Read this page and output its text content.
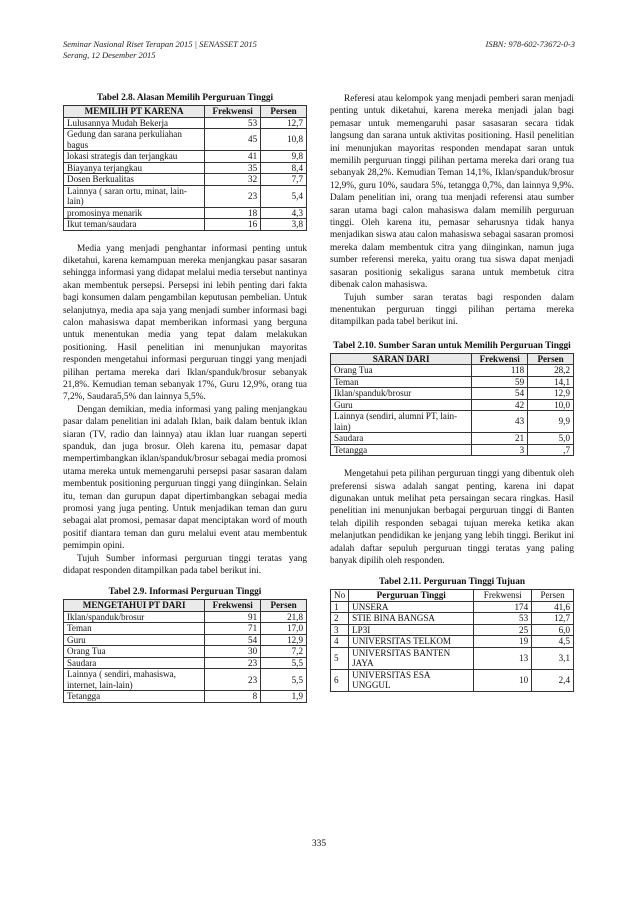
Seminar Nasional Riset Terapan 2015 | SENASSET 2015
Serang, 12 Desember 2015
ISBN: 978-602-73672-0-3
Tabel 2.8. Alasan Memilih Perguruan Tinggi
MEMILIH PT KARENA	Frekwensi	Persen
Lulusannya Mudah Bekerja	53	12,7
Gedung dan sarana perkuliahan bagus	45	10,8
lokasi strategis dan terjangkau	41	9,8
Biayanya terjangkau	35	8,4
Dosen Berkualitas	32	7,7
Lainnya ( saran ortu, minat, lain-lain)	23	5,4
promosinya menarik	18	4,3
Ikut teman/saudara	16	3,8

Media yang menjadi penghantar informasi penting untuk diketahui, karena kemampuan mereka menjangkau pasar sasaran sehingga informasi yang didapat melalui media tersebut nantinya akan membentuk persepsi. Persepsi ini lebih penting dari fakta bagi konsumen dalam pengambilan keputusan pembelian. Untuk selanjutnya, media apa saja yang menjadi sumber informasi bagi calon mahasiswa dapat memberikan informasi yang berguna untuk menentukan media yang tepat dalam melakukan positioning. Hasil penelitian ini menunjukan mayoritas responden mengetahui informasi perguruan tinggi yang menjadi pilihan pertama mereka dari Iklan/spanduk/brosur sebanyak 21,8%. Kemudian teman sebanyak 17%, Guru 12,9%, orang tua 7,2%, Saudara5,5% dan lainnya 5,5%.

Dengan demikian, media informasi yang paling menjangkau pasar dalam penelitian ini adalah Iklan, baik dalam bentuk iklan siaran (TV, radio dan lainnya) atau iklan luar ruangan seperti spanduk, dan juga brosur. Oleh karena itu, pemasar dapat mempertimbangkan iklan/spanduk/brosur sebagai media promosi utama mereka untuk memengaruhi persepsi pasar sasaran dalam membentuk positioning perguruan tinggi yang diinginkan. Selain itu, teman dan gurupun dapat dipertimbangkan sebagai media promosi yang juga penting. Untuk menjadikan teman dan guru sebagai alat promosi, pemasar dapat menciptakan word of mouth positif diantara teman dan guru melalui event atau membentuk pemimpin opini.

Tujuh Sumber informasi perguruan tinggi teratas yang didapat responden ditampilkan pada tabel berikut ini.

Tabel 2.9. Informasi Perguruan Tinggi
MENGETAHUI PT DARI	Frekwensi	Persen
Iklan/spanduk/brosur	91	21,8
Teman	71	17,0
Guru	54	12,9
Orang Tua	30	7,2
Saudara	23	5,5
Lainnya ( sendiri, mahasiswa, internet, lain-lain)	23	5,5
Tetangga	8	1,9

Referesi atau kelompok yang menjadi pemberi saran menjadi penting untuk diketahui, karena mereka menjadi jalan bagi pemasar untuk memengaruhi pasar sasasaran secara tidak langsung dan sarana untuk aktivitas positioning. Hasil penelitian ini menunjukan mayoritas responden mendapat saran untuk memilih perguruan tinggi pilihan pertama mereka dari orang tua sebanyak 28,2%. Kemudian Teman 14,1%, Iklan/spanduk/brosur 12,9%, guru 10%, saudara 5%, tetangga 0,7%, dan lainnya 9,9%. Dalam penelitian ini, orang tua menjadi referensi atau sumber saran utama bagi calon mahasiswa dalam memilih perguruan tinggi. Oleh karena itu, pemasar seharusnya tidak hanya menjadikan siswa atau calon mahasiswa sebagai sasaran promosi mereka dalam membentuk citra yang diinginkan, namun juga sumber referensi mereka, yaitu orang tua siswa dapat menjadi sasaran positionig sekaligus sarana untuk membetuk citra dibenak calon mahasiswa.

Tujuh sumber saran teratas bagi responden dalam menentukan perguruan tinggi pilihan pertama mereka ditampilkan pada tabel berikut ini.

Tabel 2.10. Sumber Saran untuk Memilih Perguruan Tinggi
SARAN DARI	Frekwensi	Persen
Orang Tua	118	28,2
Teman	59	14,1
Iklan/spanduk/brosur	54	12,9
Guru	42	10,0
Lainnya (sendiri, alumni PT, lain-lain)	43	9,9
Saudara	21	5,0
Tetangga	3	,7

Mengetahui peta pilihan perguruan tinggi yang dibentuk oleh preferensi siswa adalah sangat penting, karena ini dapat digunakan untuk melihat peta persaingan secara ringkas. Hasil penelitian ini menunjukan berbagai perguruan tinggi di Banten telah dipilih responden sebagai tujuan mereka ketika akan melanjutkan pendidikan ke jenjang yang lebih tinggi. Berikut ini adalah daftar sepuluh perguruan tinggi teratas yang paling banyak dipilih oleh responden.

Tabel 2.11. Perguruan Tinggi Tujuan
No	Perguruan Tinggi	Frekwensi	Persen
1	UNSERA	174	41,6
2	STIE BINA BANGSA	53	12,7
3	LP3I	25	6,0
4	UNIVERSITAS TELKOM	19	4,5
5	UNIVERSITAS BANTEN JAYA	13	3,1
6	UNIVERSITAS ESA UNGGUL	10	2,4
335
